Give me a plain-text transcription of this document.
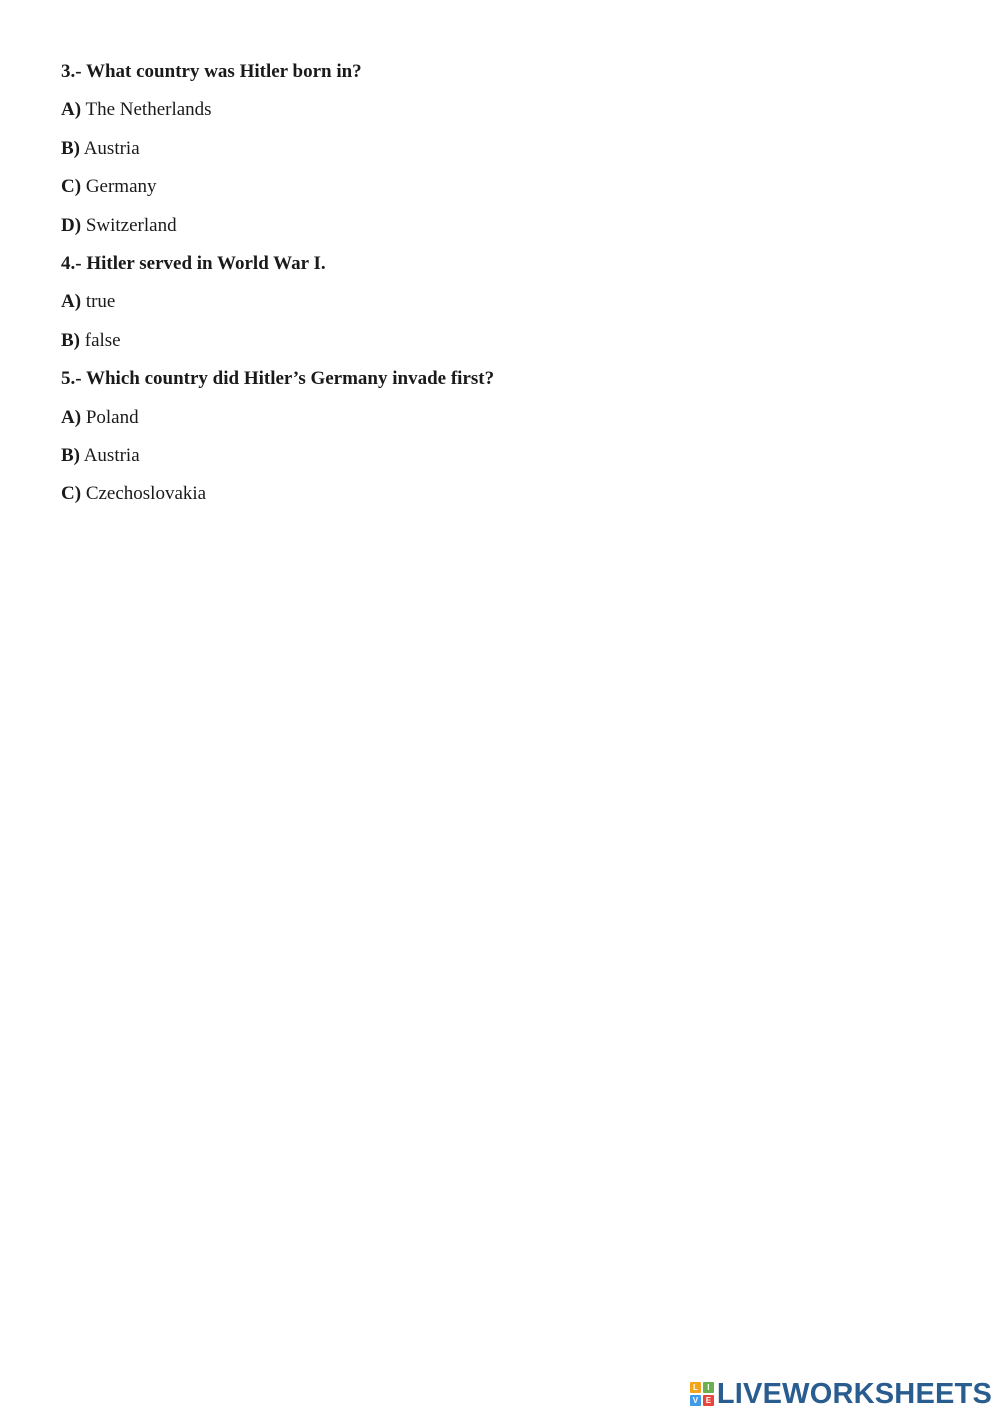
3.- What country was Hitler born in?
A) The Netherlands
B) Austria
C) Germany
D) Switzerland
4.- Hitler served in World War I.
A) true
B) false
5.- Which country did Hitler’s Germany invade first?
A) Poland
B) Austria
C) Czechoslovakia
L	I
V E LIVEWORKSHEETS
